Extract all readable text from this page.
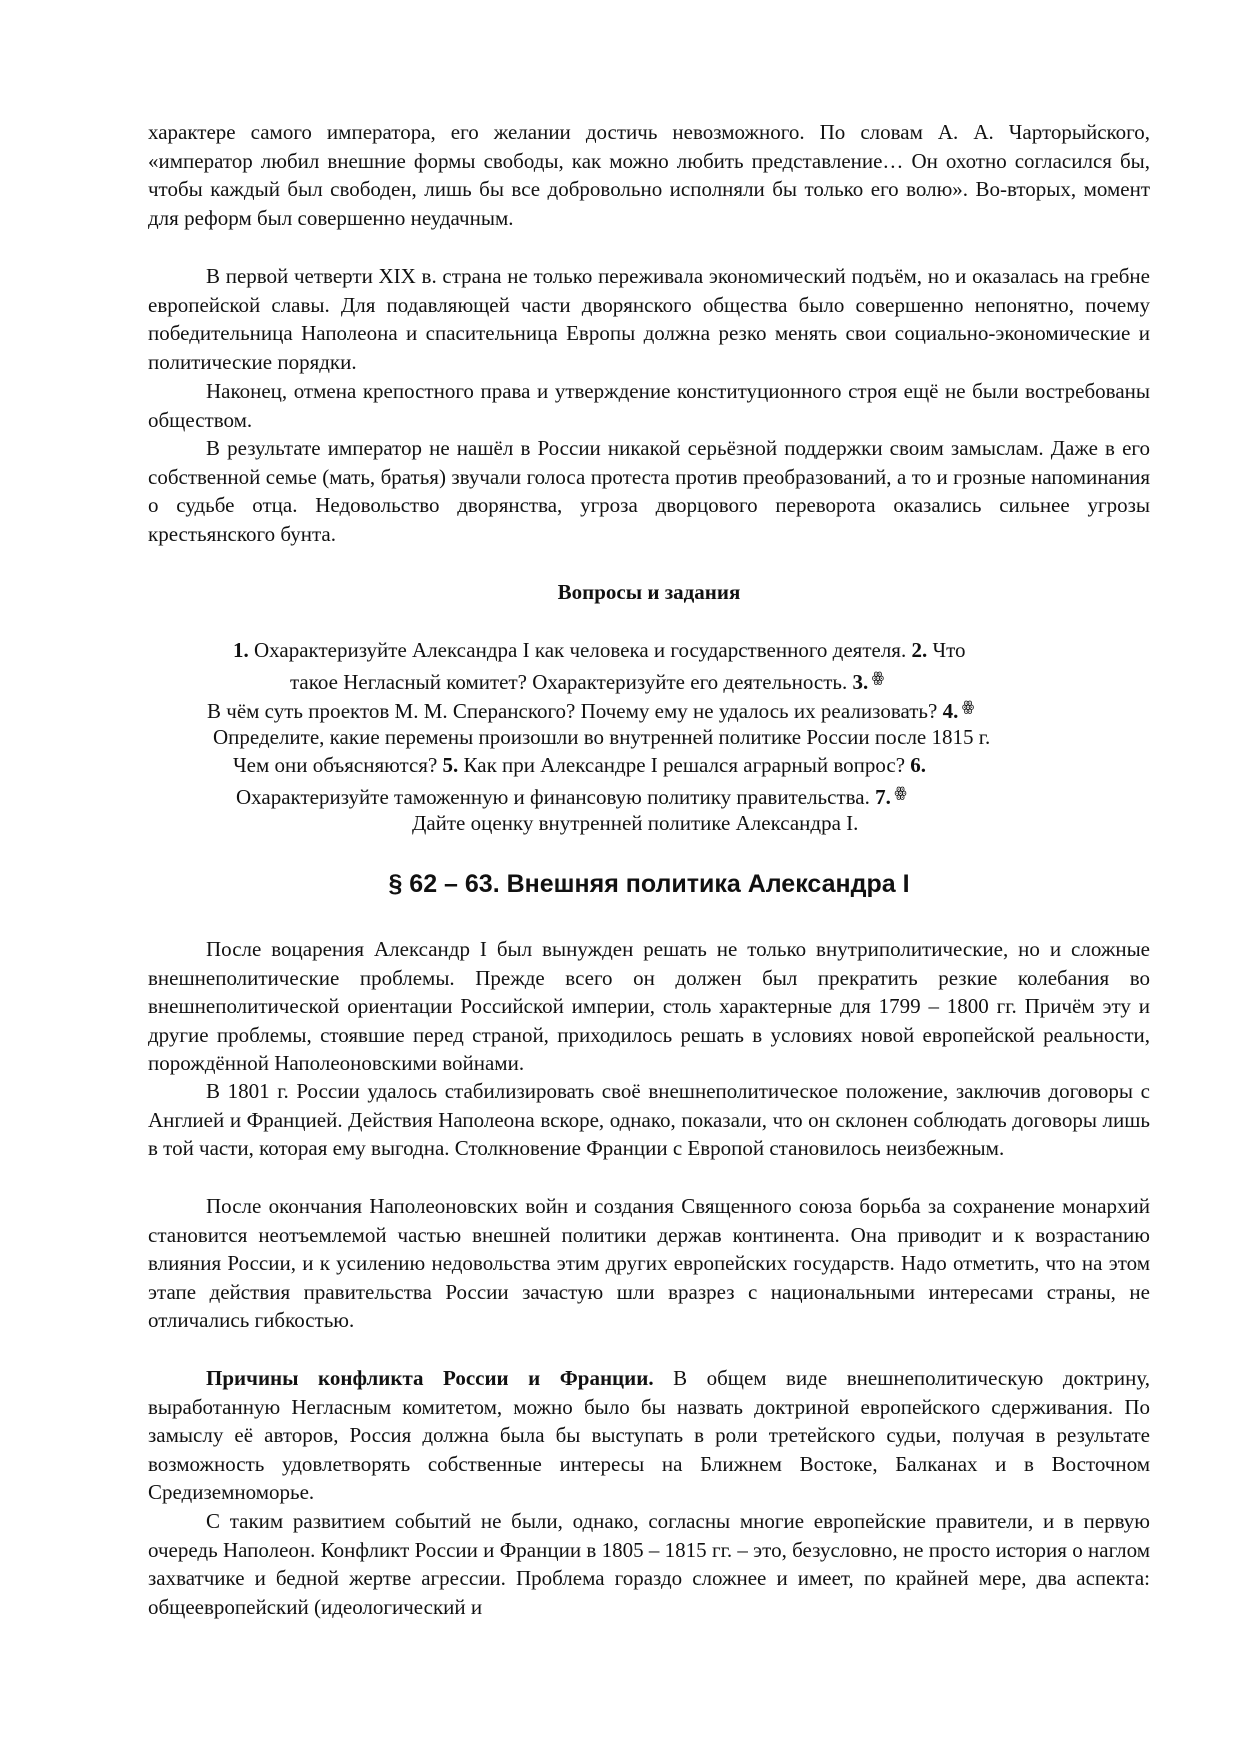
характере самого императора, его желании достичь невозможного. По словам А. А. Чарторыйского, «император любил внешние формы свободы, как можно любить представление… Он охотно согласился бы, чтобы каждый был свободен, лишь бы все добровольно исполняли бы только его волю». Во-вторых, момент для реформ был совершенно неудачным.

В первой четверти XIX в. страна не только переживала экономический подъём, но и оказалась на гребне европейской славы. Для подавляющей части дворянского общества было совершенно непонятно, почему победительница Наполеона и спасительница Европы должна резко менять свои социально-экономические и политические порядки.

Наконец, отмена крепостного права и утверждение конституционного строя ещё не были востребованы обществом.

В результате император не нашёл в России никакой серьёзной поддержки своим замыслам. Даже в его собственной семье (мать, братья) звучали голоса протеста против преобразований, а то и грозные напоминания о судьбе отца. Недовольство дворянства, угроза дворцового переворота оказались сильнее угрозы крестьянского бунта.

Вопросы и задания
1. Охарактеризуйте Александра I как человека и государственного деятеля. 2. Что
такое Негласный комитет? Охарактеризуйте его деятельность. 3. $^ꙮ$
В чём суть проектов М. М. Сперанского? Почему ему не удалось их реализовать? 4. $^ꙮ$
Определите, какие перемены произошли во внутренней политике России после 1815 г.
Чем они объясняются? 5. Как при Александре I решался аграрный вопрос? 6.
Охарактеризуйте таможенную и финансовую политику правительства. 7. $^ꙮ$
Дайте оценку внутренней политике Александра I.
§ 62 – 63. Внешняя политика Александра I

После воцарения Александр I был вынужден решать не только внутриполитические, но и сложные внешнеполитические проблемы. Прежде всего он должен был прекратить резкие колебания во внешнеполитической ориентации Российской империи, столь характерные для 1799 – 1800 гг. Причём эту и другие проблемы, стоявшие перед страной, приходилось решать в условиях новой европейской реальности, порождённой Наполеоновскими войнами.

В 1801 г. России удалось стабилизировать своё внешнеполитическое положение, заключив договоры с Англией и Францией. Действия Наполеона вскоре, однако, показали, что он склонен соблюдать договоры лишь в той части, которая ему выгодна. Столкновение Франции с Европой становилось неизбежным.

После окончания Наполеоновских войн и создания Священного союза борьба за сохранение монархий становится неотъемлемой частью внешней политики держав континента. Она приводит и к возрастанию влияния России, и к усилению недовольства этим других европейских государств. Надо отметить, что на этом этапе действия правительства России зачастую шли вразрез с национальными интересами страны, не отличались гибкостью.

Причины конфликта России и Франции. В общем виде внешнеполитическую доктрину, выработанную Негласным комитетом, можно было бы назвать доктриной европейского сдерживания. По замыслу её авторов, Россия должна была бы выступать в роли третейского судьи, получая в результате возможность удовлетворять собственные интересы на Ближнем Востоке, Балканах и в Восточном Средиземноморье.

С таким развитием событий не были, однако, согласны многие европейские правители, и в первую очередь Наполеон. Конфликт России и Франции в 1805 – 1815 гг. – это, безусловно, не просто история о наглом захватчике и бедной жертве агрессии. Проблема гораздо сложнее и имеет, по крайней мере, два аспекта: общеевропейский (идеологический и
